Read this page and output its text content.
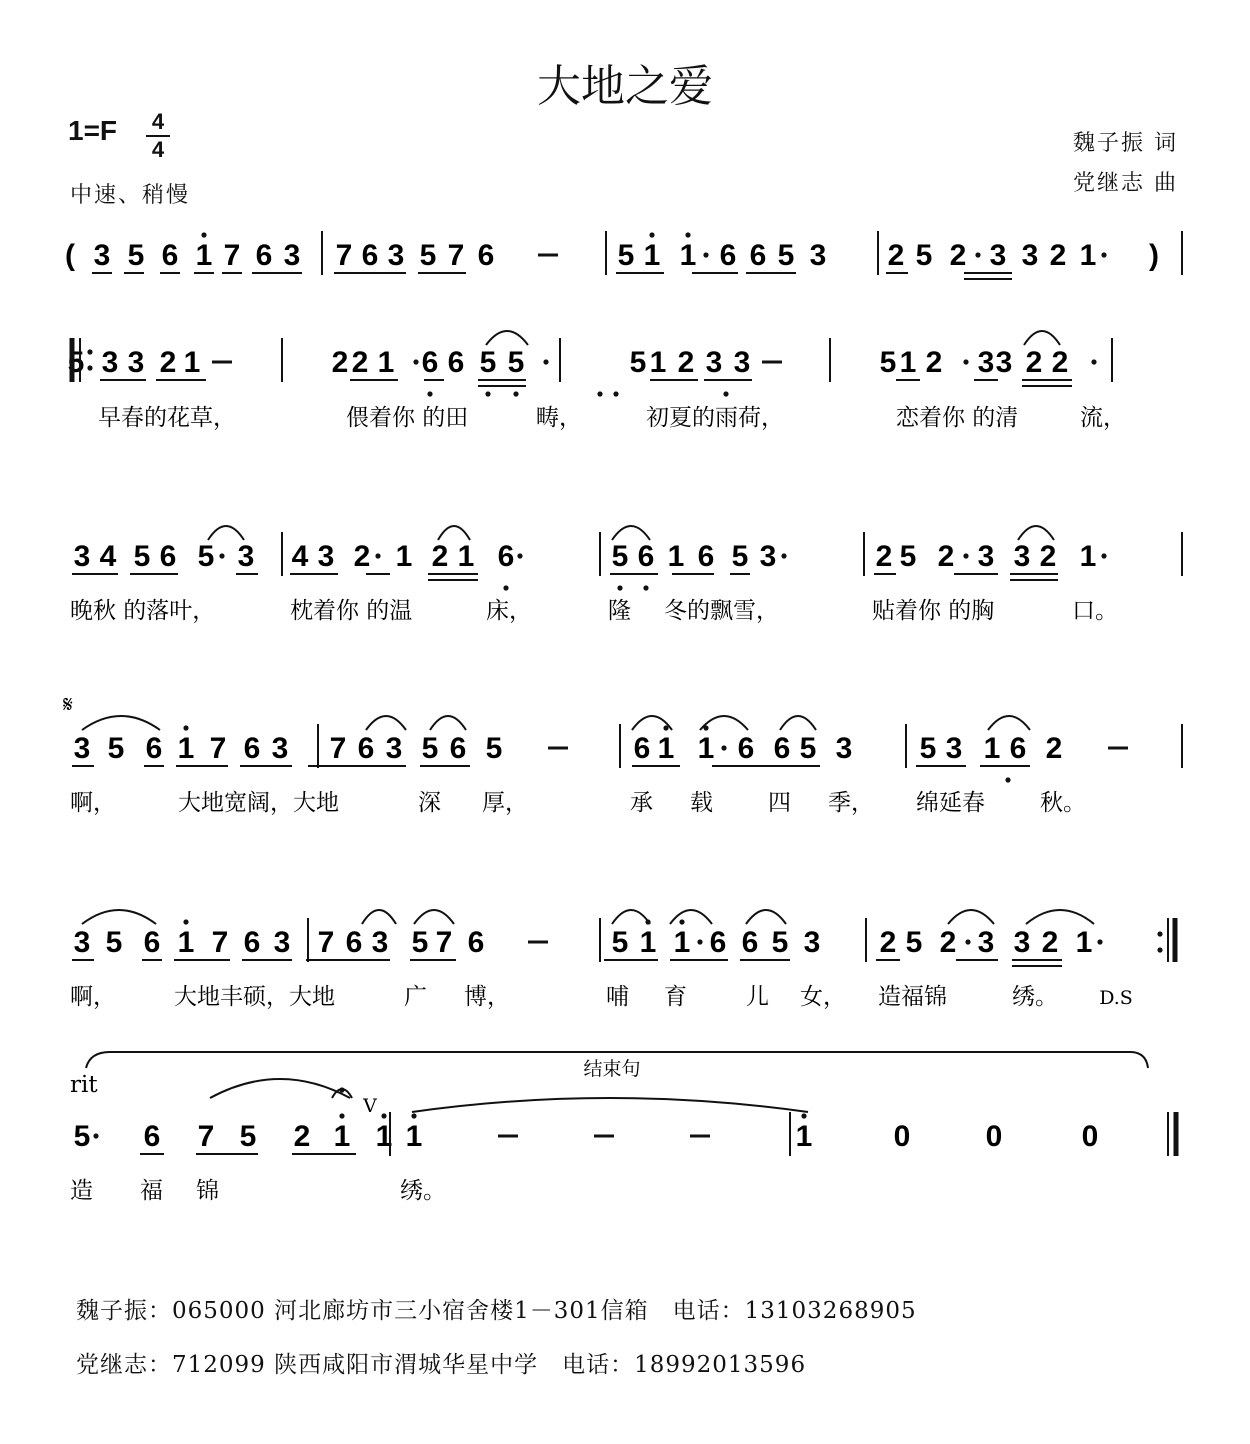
大地之爱
1=F 4
4
中速、稍慢
魏子振 词
党继志 曲
( 3 5 6 1 7 6 3 7 6 3 5 7 6	5 1 1 6 6 5 3 2 5 2 3 3 2 1 )
5 3 3 2 1	2 2 1 6 6 5 5	5 1 2 3 3	5 1 2 3 3 2 2
早春的花草，	偎着你 的田	畴，	初夏的雨荷，	恋着你 的清	流，
3 4 5 6 5 3 4 3 2 1 2 1 6	5 6 1 6 5 3	2 5 2 3 3 2 1
晚秋 的落叶，	枕着你 的温	床，	隆 冬的飘雪，	贴着你 的胸	口。
3 5 6 1 7 6 3 7 6 3 5 6 5	6 1 1 6 6 5 3 5 3 1 6 2
啊，	大地宽阔，大地	深 厚，	承 载 四 季， 绵延春 秋。
3 5 6 1 7 6 3 7 6 3 5 7 6	5 1 1 6 6 5 3 2 5 2 3 3 2 1
啊，	大地丰硕，大地	广 博，	哺 育	儿 女， 造福锦	绣。
5 6 7 5 2 1 1 1	1	0	0	0
造 福 锦	绣。
结束句
𝄋
D.S
rit
V
魏子振：065000 河北廊坊市三小宿舍楼1－301信箱　电话：13103268905
党继志：712099 陕西咸阳市渭城华星中学　电话：18992013596
